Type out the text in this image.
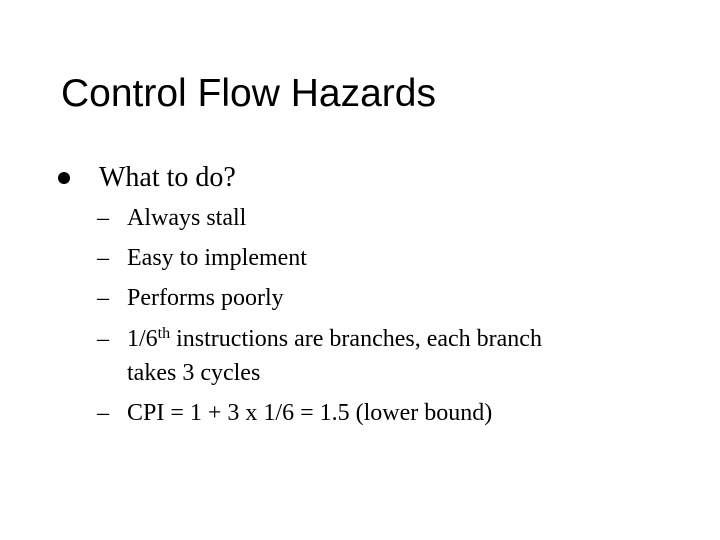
Control Flow Hazards
What to do?
– Always stall
– Easy to implement
– Performs poorly
– 1/6th instructions are branches, each branch
takes 3 cycles
– CPI = 1 + 3 x 1/6 = 1.5 (lower bound)
